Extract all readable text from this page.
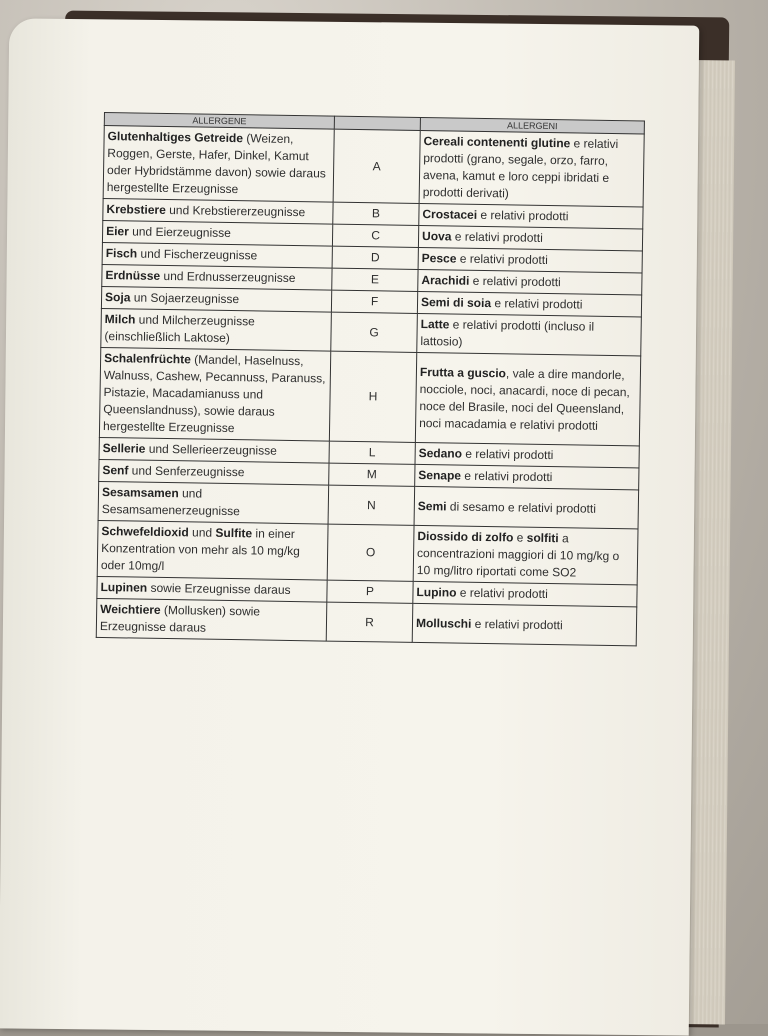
ALLERGENE		ALLERGENI
Glutenhaltiges Getreide (Weizen, Roggen, Gerste, Hafer, Dinkel, Kamut oder Hybridstämme davon) sowie daraus hergestellte Erzeugnisse	A	Cereali contenenti glutine e relativi prodotti (grano, segale, orzo, farro, avena, kamut e loro ceppi ibridati e prodotti derivati)
Krebstiere und Krebstiererzeugnisse	B	Crostacei e relativi prodotti
Eier und Eierzeugnisse	C	Uova e relativi prodotti
Fisch und Fischerzeugnisse	D	Pesce e relativi prodotti
Erdnüsse und Erdnusserzeugnisse	E	Arachidi e relativi prodotti
Soja un Sojaerzeugnisse	F	Semi di soia e relativi prodotti
Milch und Milcherzeugnisse (einschließlich Laktose)	G	Latte e relativi prodotti (incluso il lattosio)
Schalenfrüchte (Mandel, Haselnuss, Walnuss, Cashew, Pecannuss, Paranuss, Pistazie, Macadamianuss und Queenslandnuss), sowie daraus hergestellte Erzeugnisse	H	Frutta a guscio, vale a dire mandorle, nocciole, noci, anacardi, noce di pecan, noce del Brasile, noci del Queensland, noci macadamia e relativi prodotti
Sellerie und Sellerieerzeugnisse	L	Sedano e relativi prodotti
Senf und Senferzeugnisse	M	Senape e relativi prodotti
Sesamsamen und Sesamsamenerzeugnisse	N	Semi di sesamo e relativi prodotti
Schwefeldioxid und Sulfite in einer Konzentration von mehr als 10 mg/kg oder 10mg/l	O	Diossido di zolfo e solfiti a concentrazioni maggiori di 10 mg/kg o 10 mg/litro riportati come SO2
Lupinen sowie Erzeugnisse daraus	P	Lupino e relativi prodotti
Weichtiere (Mollusken) sowie Erzeugnisse daraus	R	Molluschi e relativi prodotti
